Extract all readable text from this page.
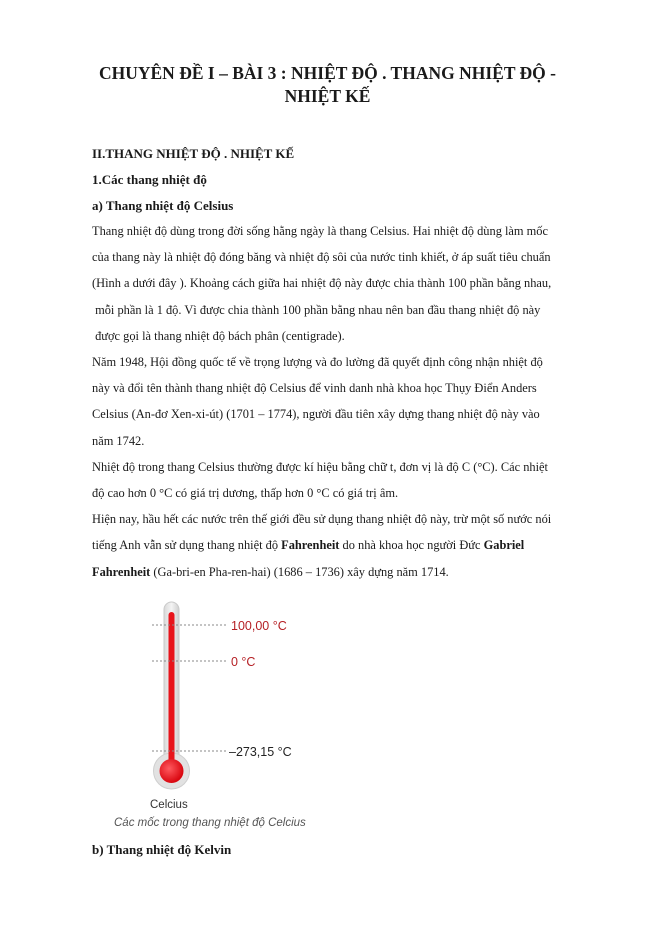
CHUYÊN ĐỀ I – BÀI 3 : NHIỆT ĐỘ . THANG NHIỆT ĐỘ -
NHIỆT KẾ

II.THANG NHIỆT ĐỘ . NHIỆT KẾ

1.Các thang nhiệt độ

a) Thang nhiệt độ Celsius

Thang nhiệt độ dùng trong đời sống hằng ngày là thang Celsius. Hai nhiệt độ dùng làm mốc
của thang này là nhiệt độ đóng băng và nhiệt độ sôi của nước tinh khiết, ở áp suất tiêu chuẩn
(Hình a dưới đây ). Khoảng cách giữa hai nhiệt độ này được chia thành 100 phần bằng nhau,
mỗi phần là 1 độ. Vì được chia thành 100 phần bằng nhau nên ban đầu thang nhiệt độ này
được gọi là thang nhiệt độ bách phân (centigrade).
Năm 1948, Hội đồng quốc tế về trọng lượng và đo lường đã quyết định công nhận nhiệt độ
này và đổi tên thành thang nhiệt độ Celsius để vinh danh nhà khoa học Thụy Điển Anders
Celsius (An-đơ Xen-xi-út) (1701 – 1774), người đầu tiên xây dựng thang nhiệt độ này vào
năm 1742.
Nhiệt độ trong thang Celsius thường được kí hiệu bằng chữ t, đơn vị là độ C (°C). Các nhiệt
độ cao hơn 0 °C có giá trị dương, thấp hơn 0 °C có giá trị âm.
Hiện nay, hầu hết các nước trên thế giới đều sử dụng thang nhiệt độ này, trừ một số nước nói
tiếng Anh vẫn sử dụng thang nhiệt độ Fahrenheit do nhà khoa học người Đức Gabriel
Fahrenheit (Ga-bri-en Pha-ren-hai) (1686 – 1736) xây dựng năm 1714.
100,00 °C
0 °C
–273,15 °C
Celcius

Các mốc trong thang nhiệt độ Celcius

b) Thang nhiệt độ Kelvin
